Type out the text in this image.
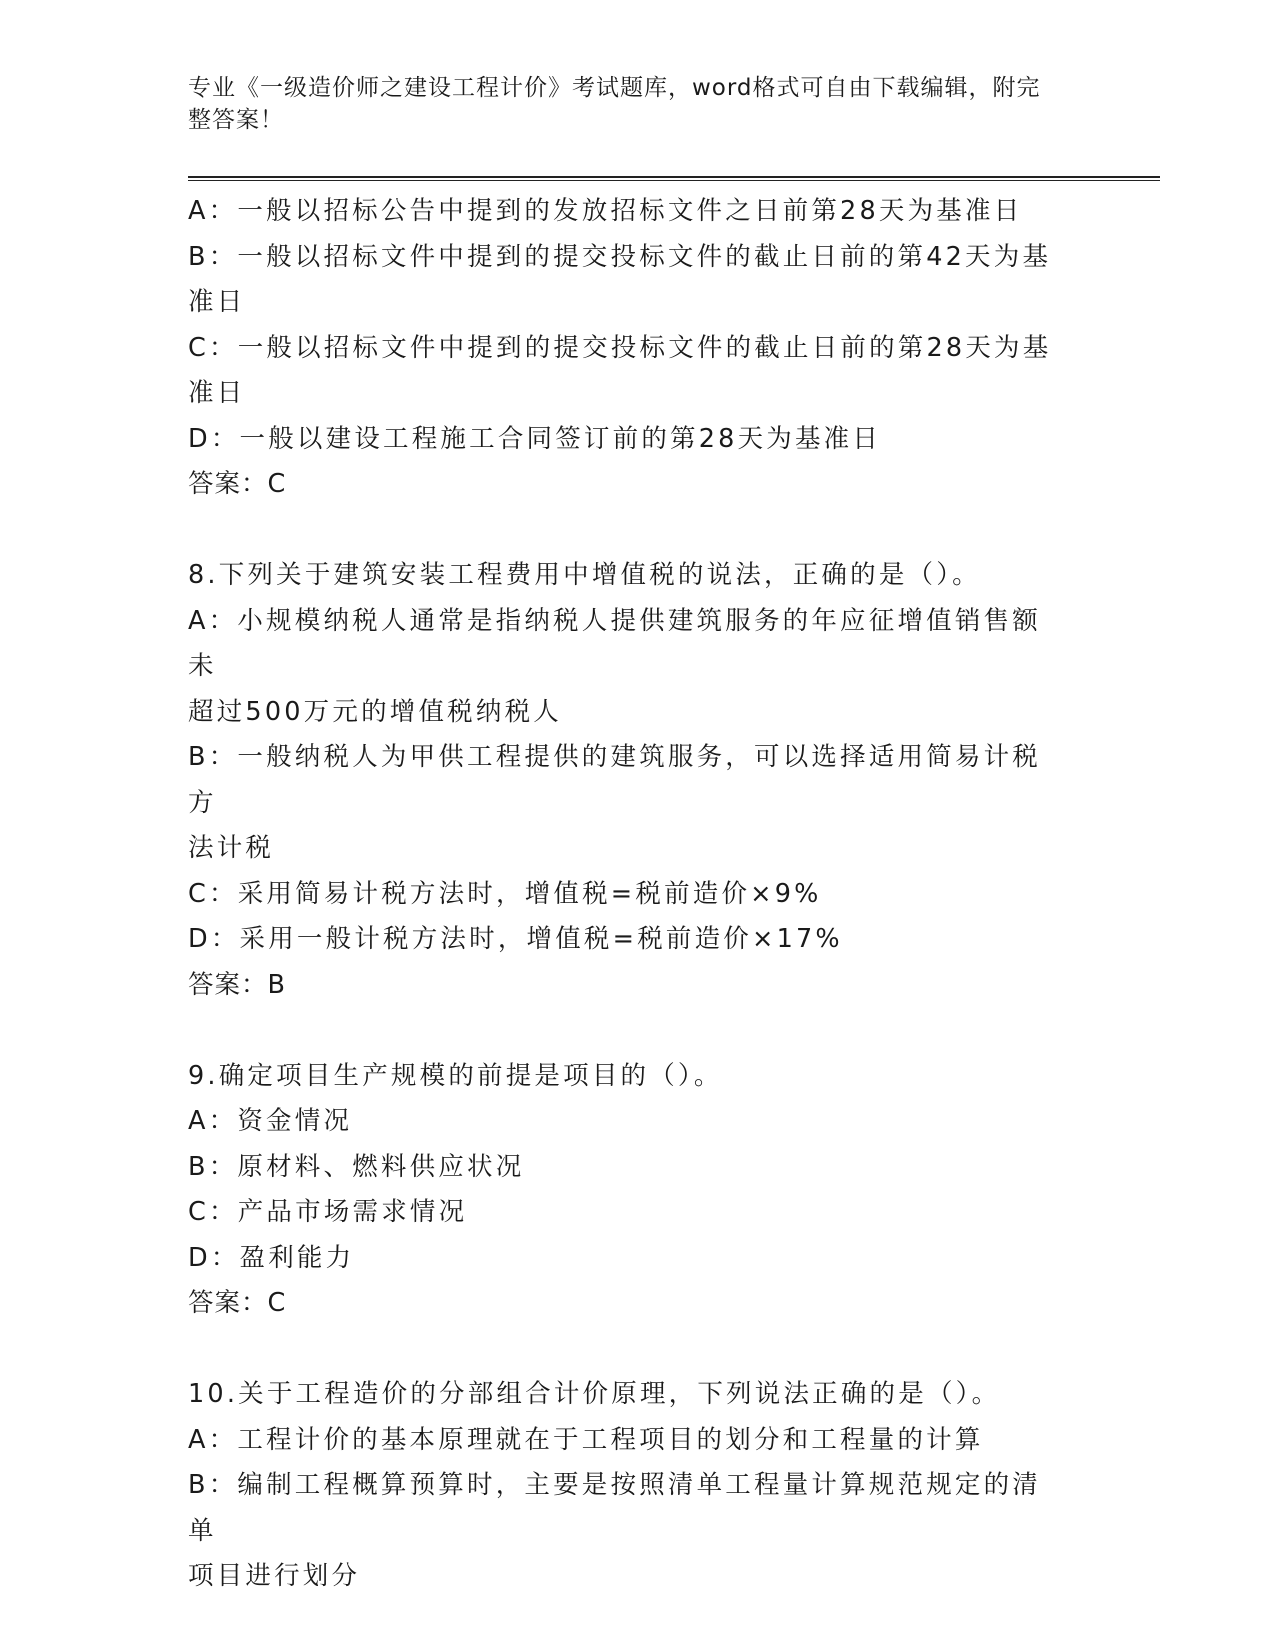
专业《一级造价师之建设工程计价》考试题库，word格式可自由下载编辑，附完

整答案！

A：一般以招标公告中提到的发放招标文件之日前第28天为基准日

B：一般以招标文件中提到的提交投标文件的截止日前的第42天为基

准日

C：一般以招标文件中提到的提交投标文件的截止日前的第28天为基

准日

D：一般以建设工程施工合同签订前的第28天为基准日

答案：C

8.下列关于建筑安装工程费用中增值税的说法，正确的是（）。

A：小规模纳税人通常是指纳税人提供建筑服务的年应征增值销售额未

超过500万元的增值税纳税人

B：一般纳税人为甲供工程提供的建筑服务，可以选择适用简易计税方

法计税

C：采用简易计税方法时，增值税=税前造价×9%

D：采用一般计税方法时，增值税=税前造价×17%

答案：B

9.确定项目生产规模的前提是项目的（）。

A：资金情况

B：原材料、燃料供应状况

C：产品市场需求情况

D：盈利能力

答案：C

10.关于工程造价的分部组合计价原理，下列说法正确的是（）。

A：工程计价的基本原理就在于工程项目的划分和工程量的计算

B：编制工程概算预算时，主要是按照清单工程量计算规范规定的清单

项目进行划分
